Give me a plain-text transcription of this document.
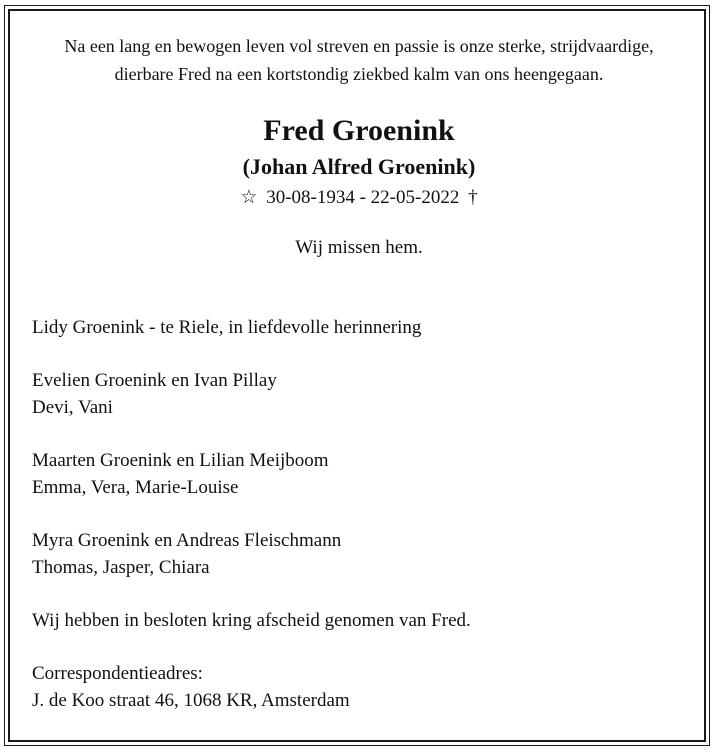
Na een lang en bewogen leven vol streven en passie is onze sterke, strijdvaardige,
dierbare Fred na een kortstondig ziekbed kalm van ons heengegaan.
Fred Groenink
(Johan Alfred Groenink)
☆ 30-08-1934 - 22-05-2022 †
Wij missen hem.
Lidy Groenink - te Riele, in liefdevolle herinnering
Evelien Groenink en Ivan Pillay
Devi, Vani
Maarten Groenink en Lilian Meijboom
Emma, Vera, Marie-Louise
Myra Groenink en Andreas Fleischmann
Thomas, Jasper, Chiara
Wij hebben in besloten kring afscheid genomen van Fred.
Correspondentieadres:
J. de Koo straat 46, 1068 KR, Amsterdam
